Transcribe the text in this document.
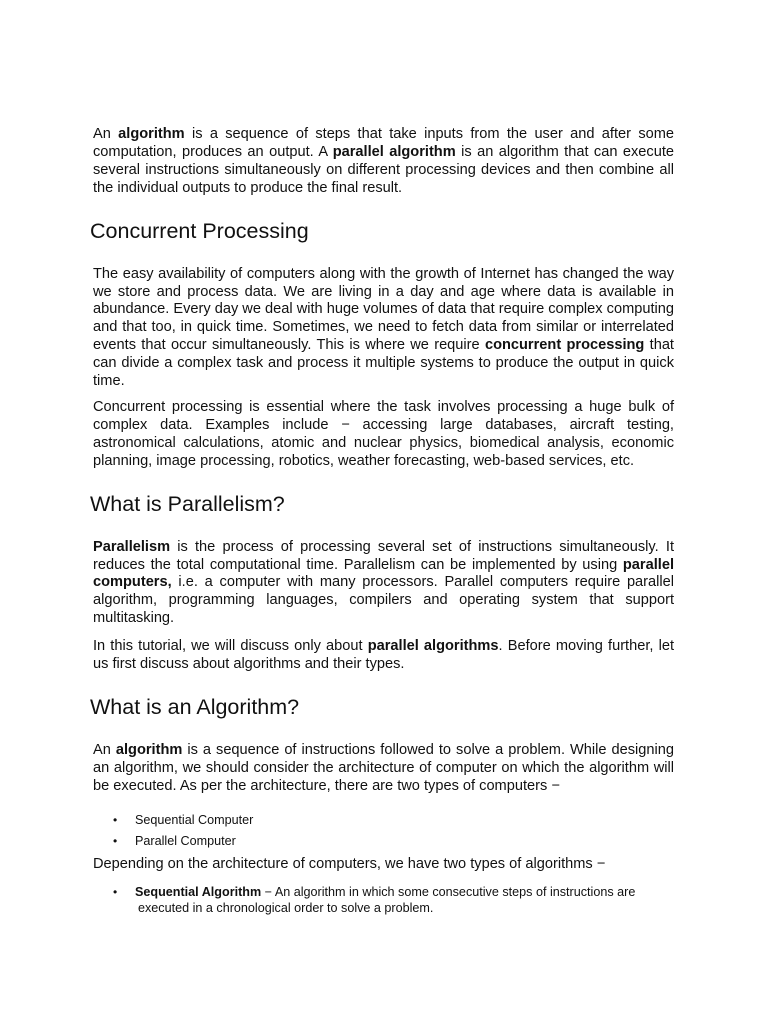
An algorithm is a sequence of steps that take inputs from the user and after some computation, produces an output. A parallel algorithm is an algorithm that can execute several instructions simultaneously on different processing devices and then combine all the individual outputs to produce the final result.

Concurrent Processing

The easy availability of computers along with the growth of Internet has changed the way we store and process data. We are living in a day and age where data is available in abundance. Every day we deal with huge volumes of data that require complex computing and that too, in quick time. Sometimes, we need to fetch data from similar or interrelated events that occur simultaneously. This is where we require concurrent processing that can divide a complex task and process it multiple systems to produce the output in quick time.

Concurrent processing is essential where the task involves processing a huge bulk of complex data. Examples include − accessing large databases, aircraft testing, astronomical calculations, atomic and nuclear physics, biomedical analysis, economic planning, image processing, robotics, weather forecasting, web-based services, etc.

What is Parallelism?

Parallelism is the process of processing several set of instructions simultaneously. It reduces the total computational time. Parallelism can be implemented by using parallel computers, i.e. a computer with many processors. Parallel computers require parallel algorithm, programming languages, compilers and operating system that support multitasking.

In this tutorial, we will discuss only about parallel algorithms. Before moving further, let us first discuss about algorithms and their types.

What is an Algorithm?

An algorithm is a sequence of instructions followed to solve a problem. While designing an algorithm, we should consider the architecture of computer on which the algorithm will be executed. As per the architecture, there are two types of computers −

• Sequential Computer
• Parallel Computer

Depending on the architecture of computers, we have two types of algorithms −

• Sequential Algorithm − An algorithm in which some consecutive steps of instructions are
executed in a chronological order to solve a problem.
